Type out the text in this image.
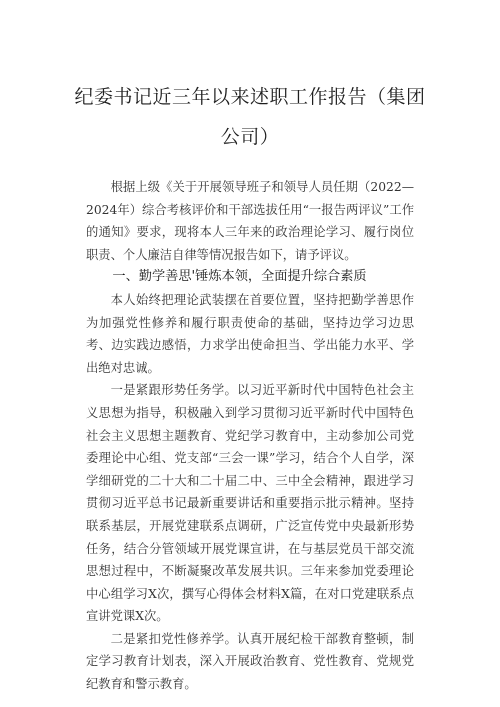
纪委书记近三年以来述职工作报告（集团
公司）

根据上级《关于开展领导班子和领导人员任期（2022—2024年）综合考核评价和干部选拔任用“一报告两评议”工作的通知》要求，现将本人三年来的政治理论学习、履行岗位职责、个人廉洁自律等情况报告如下，请予评议。

一、勤学善思'锤炼本领，全面提升综合素质

本人始终把理论武装摆在首要位置，坚持把勤学善思作为加强党性修养和履行职责使命的基础，坚持边学习边思考、边实践边感悟，力求学出使命担当、学出能力水平、学出绝对忠诚。

一是紧跟形势任务学。以习近平新时代中国特色社会主义思想为指导，积极融入到学习贯彻习近平新时代中国特色社会主义思想主题教育、党纪学习教育中，主动参加公司党委理论中心组、党支部“三会一课”学习，结合个人自学，深学细研党的二十大和二十届二中、三中全会精神，跟进学习贯彻习近平总书记最新重要讲话和重要指示批示精神。坚持联系基层，开展党建联系点调研，广泛宣传党中央最新形势任务，结合分管领域开展党课宣讲，在与基层党员干部交流思想过程中，不断凝聚改革发展共识。三年来参加党委理论中心组学习X次，撰写心得体会材料X篇，在对口党建联系点宣讲党课X次。

二是紧扣党性修养学。认真开展纪检干部教育整顿，制定学习教育计划表，深入开展政治教育、党性教育、党规党纪教育和警示教育。
